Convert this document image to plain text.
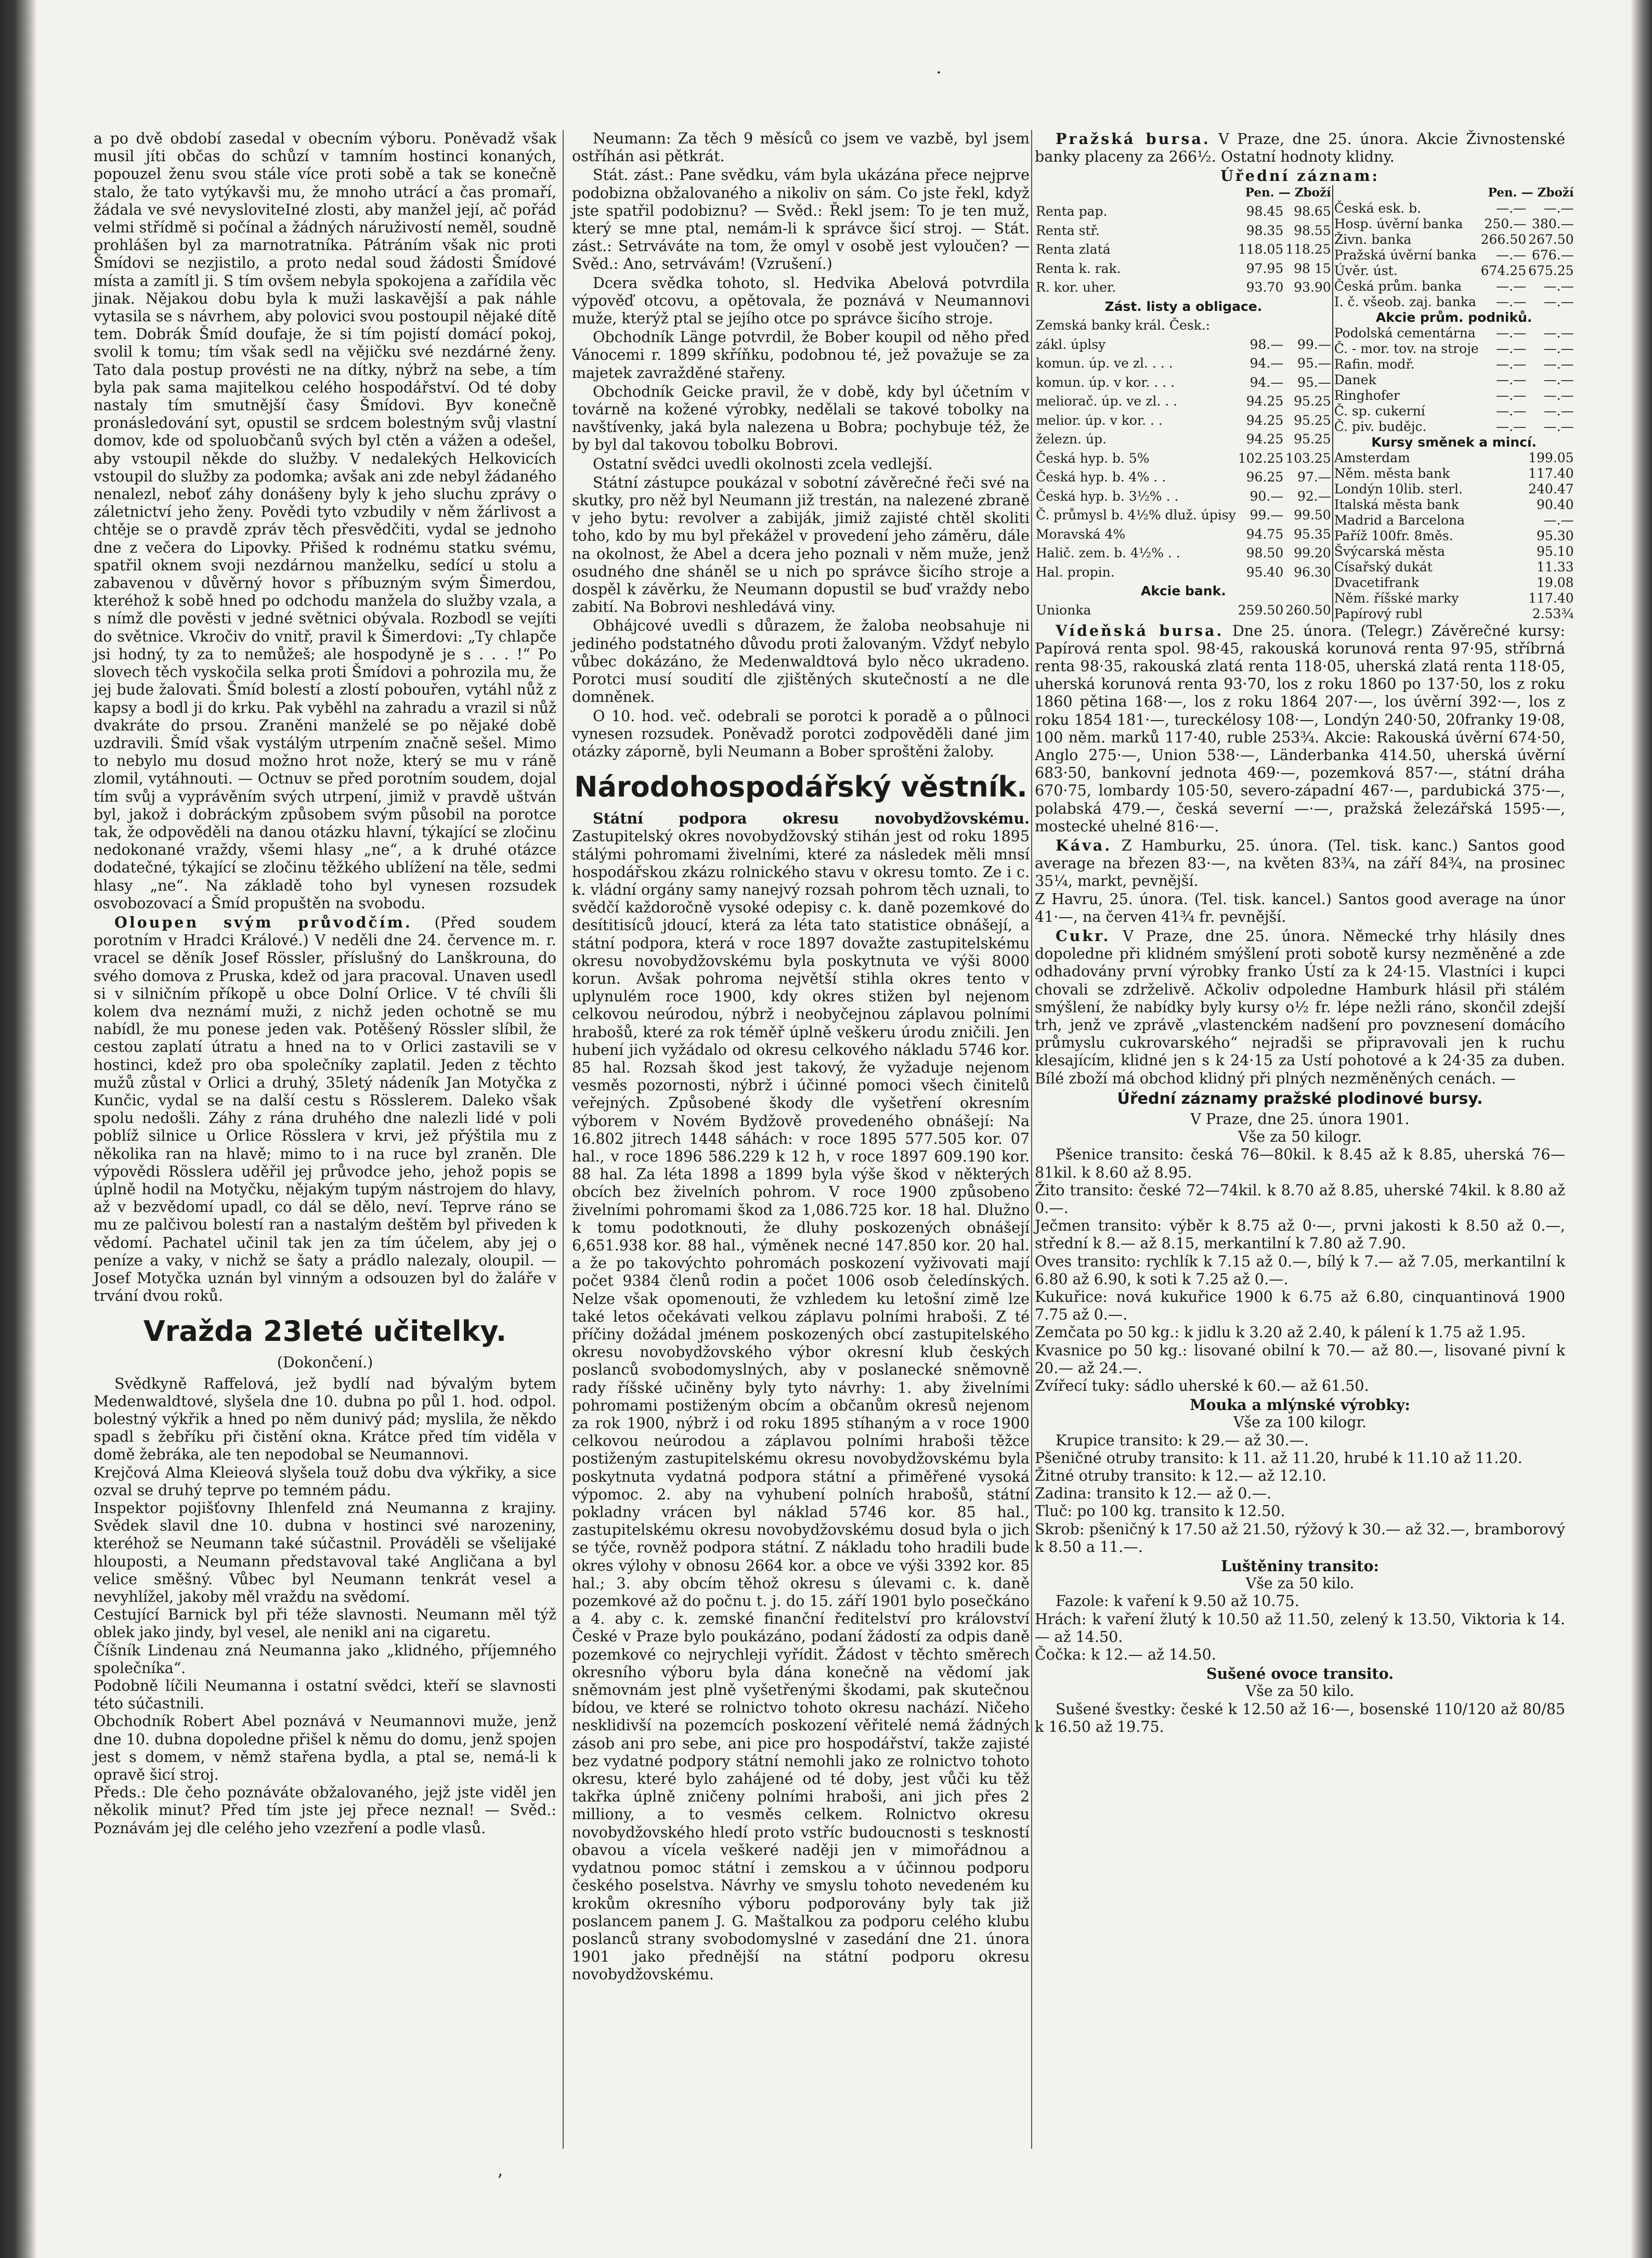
·
ʼ

a po dvě období zasedal v obecním výboru. Poněvadž však musil jíti občas do schůzí v tamním hostinci konaných, popouzel ženu svou stále více proti sobě a tak se konečně stalo, že tato vytýkavši mu, že mnoho utrácí a čas promaří, žádala ve své nevysloviteIné zlosti, aby manžel její, ač pořád velmi střídmě si počínal a žádných náruživostí neměl, soudně prohlášen byl za marnotratníka. Pátráním však nic proti Šmídovi se nezjistilo, a proto nedal soud žádosti Šmídové místa a zamítl ji. S tím ovšem nebyla spokojena a zařídila věc jinak. Nějakou dobu byla k muži laskavější a pak náhle vytasila se s návrhem, aby polovici svou postoupil nějaké dítě tem. Dobrák Šmíd doufaje, že si tím pojistí domácí pokoj, svolil k tomu; tím však sedl na vějičku své nezdárné ženy. Tato dala postup provésti ne na dítky, nýbrž na sebe, a tím byla pak sama majitelkou celého hospodářství. Od té doby nastaly tím smutnější časy Šmídovi. Byv konečně pronásledování syt, opustil se srdcem bolestným svůj vlastní domov, kde od spoluobčanů svých byl ctěn a vážen a odešel, aby vstoupil někde do služby. V nedalekých Helkovicích vstoupil do služby za podomka; avšak ani zde nebyl žádaného nenalezl, neboť záhy donášeny byly k jeho sluchu zprávy o záletnictví jeho ženy. Povědi tyto vzbudily v něm žárlivost a chtěje se o pravdě zpráv těch přesvědčiti, vydal se jednoho dne z večera do Lipovky. Přišed k rodnému statku svému, spatřil oknem svoji nezdárnou manželku, sedící u stolu a zabavenou v důvěrný hovor s příbuzným svým Šimerdou, kteréhož k sobě hned po odchodu manžela do služby vzala, a s nímž dle pověsti v jedné světnici obývala. Rozbodl se vejíti do světnice. Vkročiv do vnitř, pravil k Šimerdovi: „Ty chlapče jsi hodný, ty za to nemůžeš; ale hospodyně je s . . . !“ Po slovech těch vyskočila selka proti Šmídovi a pohrozila mu, že jej bude žalovati. Šmíd bolestí a zlostí pobouřen, vytáhl nůž z kapsy a bodl ji do krku. Pak vyběhl na zahradu a vrazil si nůž dvakráte do prsou. Zraněni manželé se po nějaké době uzdravili. Šmíd však vystálým utrpením značně sešel. Mimo to nebylo mu dosud možno hrot nože, který se mu v ráně zlomil, vytáhnouti. — Octnuv se před porotním soudem, dojal tím svůj a vyprávěním svých utrpení, jimiž v pravdě uštván byl, jakož i dobráckým způsobem svým působil na porotce tak, že odpověděli na danou otázku hlavní, týkající se zločinu nedokonané vraždy, všemi hlasy „ne“, a k druhé otázce dodatečné, týkající se zločinu těžkého ublížení na těle, sedmi hlasy „ne“. Na základě toho byl vynesen rozsudek osvobozovací a Šmíd propuštěn na svobodu.

Oloupen svým průvodčím. (Před soudem porotním v Hradci Králové.) V neděli dne 24. července m. r. vracel se děník Josef Rössler, příslušný do Lanškrouna, do svého domova z Pruska, kdež od jara pracoval. Unaven usedl si v silničním příkopě u obce Dolní Orlice. V té chvíli šli kolem dva neznámí muži, z nichž jeden ochotně se mu nabídl, že mu ponese jeden vak. Potěšený Rössler slíbil, že cestou zaplatí útratu a hned na to v Orlici zastavili se v hostinci, kdež pro oba společníky zaplatil. Jeden z těchto mužů zůstal v Orlici a druhý, 35letý nádeník Jan Motyčka z Kunčic, vydal se na další cestu s Rösslerem. Daleko však spolu nedošli. Záhy z rána druhého dne nalezli lidé v poli poblíž silnice u Orlice Rösslera v krvi, jež přýštila mu z několika ran na hlavě; mimo to i na ruce byl zraněn. Dle výpovědi Rösslera uděřil jej průvodce jeho, jehož popis se úplně hodil na Motyčku, nějakým tupým nástrojem do hlavy, až v bezvědomí upadl, co dál se dělo, neví. Teprve ráno se mu ze palčivou bolestí ran a nastalým deštěm byl přiveden k vědomí. Pachatel učinil tak jen za tím účelem, aby jej o peníze a vaky, v nichž se šaty a prádlo nalezaly, oloupil. — Josef Motyčka uznán byl vinným a odsouzen byl do žaláře v trvání dvou roků.

Vražda 23leté učitelky.
(Dokončení.)

Svědkyně Raffelová, jež bydlí nad bývalým bytem Medenwaldtové, slyšela dne 10. dubna po půl 1. hod. odpol. bolestný výkřik a hned po něm dunivý pád; myslila, že někdo spadl s žebříku při čistění okna. Krátce před tím viděla v domě žebráka, ale ten nepodobal se Neumannovi.
Krejčová Alma Kleieová slyšela touž dobu dva výkřiky, a sice ozval se druhý teprve po temném pádu.
Inspektor pojišťovny Ihlenfeld zná Neumanna z krajiny. Svědek slavil dne 10. dubna v hostinci své narozeniny, kteréhož se Neumann také súčastnil. Prováděli se všelijaké hlouposti, a Neumann představoval také Angličana a byl velice směšný. Vůbec byl Neumann tenkrát vesel a nevyhlížel, jakoby měl vraždu na svědomí.
Cestující Barnick byl při téže slavnosti. Neumann měl týž oblek jako jindy, byl vesel, ale nenikl ani na cigaretu.
Číšník Lindenau zná Neumanna jako „klidného, příjemného společníka“.
Podobně líčili Neumanna i ostatní svědci, kteří se slavnosti této súčastnili.
Obchodník Robert Abel poznává v Neumannovi muže, jenž dne 10. dubna dopoledne přišel k němu do domu, jenž spojen jest s domem, v němž stařena bydla, a ptal se, nemá-li k opravě šicí stroj.
Předs.: Dle čeho poznáváte obžalovaného, jejž jste viděl jen několik minut? Před tím jste jej přece neznal! — Svěd.: Poznávám jej dle celého jeho vzezření a podle vlasů.

Neumann: Za těch 9 měsíců co jsem ve vazbě, byl jsem ostříhán asi pětkrát.

Stát. zást.: Pane svědku, vám byla ukázána přece nejprve podobizna obžalovaného a nikoliv on sám. Co jste řekl, když jste spatřil podobiznu? — Svěd.: Řekl jsem: To je ten muž, který se mne ptal, nemám-li k správce šicí stroj. — Stát. zást.: Setrváváte na tom, že omyl v osobě jest vyloučen? — Svěd.: Ano, setrvávám! (Vzrušení.)

Dcera svědka tohoto, sl. Hedvika Abelová potvrdila výpověď otcovu, a opětovala, že poznává v Neumannovi muže, kterýž ptal se jejího otce po správce šicího stroje.

Obchodník Länge potvrdil, že Bober koupil od něho před Vánocemi r. 1899 skříňku, podobnou té, jež považuje se za majetek zavražděné stařeny.

Obchodník Geicke pravil, že v době, kdy byl účetním v továrně na kožené výrobky, nedělali se takové tobolky na navštívenky, jaká byla nalezena u Bobra; pochybuje též, že by byl dal takovou tobolku Bobrovi.

Ostatní svědci uvedli okolnosti zcela vedlejší.

Státní zástupce poukázal v sobotní závěrečné řeči své na skutky, pro něž byl Neumann již trestán, na nalezené zbraně v jeho bytu: revolver a zabiják, jimiž zajisté chtěl skoliti toho, kdo by mu byl překážel v provedení jeho záměru, dále na okolnost, že Abel a dcera jeho poznali v něm muže, jenž osudného dne sháněl se u nich po správce šicího stroje a dospěl k závěrku, že Neumann dopustil se buď vraždy nebo zabití. Na Bobrovi neshledává viny.

Obhájcové uvedli s důrazem, že žaloba neobsahuje ni jediného podstatného důvodu proti žalovaným. Vždyť nebylo vůbec dokázáno, že Medenwaldtová bylo něco ukradeno. Porotci musí soudití dle zjištěných skutečností a ne dle domněnek.

O 10. hod. več. odebrali se porotci k poradě a o půlnoci vynesen rozsudek. Poněvadž porotci zodpověděli dané jim otázky záporně, byli Neumann a Bober sproštěni žaloby.

Národohospodářský věstník.

Státní podpora okresu novobydžovskému. Zastupitelský okres novobydžovský stihán jest od roku 1895 stálými pohromami živelními, které za následek měli mnsí hospodářskou zkázu rolnického stavu v okresu tomto. Ze i c. k. vládní orgány samy nanejvý rozsah pohrom těch uznali, to svědčí každoročně vysoké odepisy c. k. daně pozemkové do desítitisíců jdoucí, která za léta tato statistice obnášejí, a státní podpora, která v roce 1897 dovažte zastupitelskému okresu novobydžovskému byla poskytnuta ve výši 8000 korun. Avšak pohroma největší stihla okres tento v uplynulém roce 1900, kdy okres stižen byl nejenom celkovou neúrodou, nýbrž i neobyčejnou záplavou polními hrabošů, které za rok téměř úplně veškeru úrodu zničili. Jen hubení jich vyžádalo od okresu celkového nákladu 5746 kor. 85 hal. Rozsah škod jest takový, že vyžaduje nejenom vesměs pozornosti, nýbrž i účinné pomoci všech činitelů veřejných. Způsobené škody dle vyšetření okresním výborem v Novém Bydžově provedeného obnášejí: Na 16.802 jitrech 1448 sáhách: v roce 1895 577.505 kor. 07 hal., v roce 1896 586.229 k 12 h, v roce 1897 609.190 kor. 88 hal. Za léta 1898 a 1899 byla výše škod v některých obcích bez živelních pohrom. V roce 1900 způsobeno živelními pohromami škod za 1,086.725 kor. 18 hal. Dlužno k tomu podotknouti, že dluhy poskozených obnášejí 6,651.938 kor. 88 hal., výměnek necné 147.850 kor. 20 hal. a že po takovýchto pohromách poskození vyživovati mají počet 9384 členů rodin a počet 1006 osob čeledínských. Nelze však opomenouti, že vzhledem ku letošní zimě lze také letos očekávati velkou záplavu polními hraboši. Z té příčiny dožádal jménem poskozených obcí zastupitelského okresu novobydžovského výbor okresní klub českých poslanců svobodomyslných, aby v poslanecké sněmovně rady říšské učiněny byly tyto návrhy: 1. aby živelními pohromami postiženým obcím a občanům okresů nejenom za rok 1900, nýbrž i od roku 1895 stíhaným a v roce 1900 celkovou neúrodou a záplavou polními hraboši těžce postiženým zastupitelskému okresu novobydžovskému byla poskytnuta vydatná podpora státní a přiměřené vysoká výpomoc. 2. aby na vyhubení polních hrabošů, státní pokladny vrácen byl náklad 5746 kor. 85 hal., zastupitelskému okresu novobydžovskému dosud byla o jich se týče, rovněž podpora státní. Z nákladu toho hradili bude okres výlohy v obnosu 2664 kor. a obce ve výši 3392 kor. 85 hal.; 3. aby obcím těhož okresu s úlevami c. k. daně pozemkové až do počnu t. j. do 15. září 1901 bylo posečkáno a 4. aby c. k. zemské finanční ředitelství pro království České v Praze bylo poukázáno, podaní žádostí za odpis daně pozemkové co nejrychleji vyřídit. Žádost v těchto směrech okresního výboru byla dána konečně na vědomí jak sněmovnám jest plně vyšetřenými škodami, pak skutečnou bídou, ve které se rolnictvo tohoto okresu nachází. Ničeho nesklidivší na pozemcích poskození věřitelé nemá žádných zásob ani pro sebe, ani pice pro hospodářství, takže zajisté bez vydatné podpory státní nemohli jako ze rolnictvo tohoto okresu, které bylo zahájené od té doby, jest vůči ku těž takřka úplně zničeny polními hraboši, ani jich přes 2 milliony, a to vesměs celkem. Rolnictvo okresu novobydžovského hledí proto vstříc budoucnosti s teskností obavou a vícela veškeré naději jen v mimořádnou a vydatnou pomoc státní i zemskou a v účinnou podporu českého poselstva. Návrhy ve smyslu tohoto nevedeném ku krokům okresního výboru podporovány byly tak již poslancem panem J. G. Maštalkou za podporu celého klubu poslanců strany svobodomyslné v zasedání dne 21. února 1901 jako přednější na státní podporu okresu novobydžovskému.

Pražská bursa. V Praze, dne 25. února. Akcie Živnostenské banky placeny za 266½. Ostatní hodnoty klidny.

Úřední záznam:
	Pen. — Zboží	
Renta pap.	98.45	98.65
Renta stř.	98.35	98.55
Renta zlatá	118.05	118.25
Renta k. rak.	97.95	98 15
R. kor. uher.	93.70	93.90
Zást. listy a obligace.		
Zemská banky král. Česk.:		
zákl. úplsy	98.—	99.—
komun. úp. ve zl. . . .	94.—	95.—
komun. úp. v kor. . . .	94.—	95.—
meliorač. úp. ve zl. . .	94.25	95.25
melior. úp. v kor. . .	94.25	95.25
železn. úp.	94.25	95.25
Česká hyp. b. 5%	102.25	103.25
Česká hyp. b. 4% . .	96.25	97.—
Česká hyp. b. 3½% . .	90.—	92.—
Č. průmysl b. 4½% dluž. úpisy	99.—	99.50
Moravská 4%	94.75	95.35
Halič. zem. b. 4½% . .	98.50	99.20
Hal. propin.	95.40	96.30
Akcie bank.		
Unionka	259.50	260.50
	Pen. — Zboží	
Česká esk. b.	—.—	—.—
Hosp. úvěrní banka	250.—	380.—
Živn. banka	266.50	267.50
Pražská úvěrní banka	—.—	676.—
Úvěr. úst.	674.25	675.25
Česká prům. banka	—.—	—.—
I. č. všeob. zaj. banka	—.—	—.—
Akcie prům. podniků.		
Podolská cementárna	—.—	—.—
Č. - mor. tov. na stroje	—.—	—.—
Rafin. modř.	—.—	—.—
Danek	—.—	—.—
Ringhofer	—.—	—.—
Č. sp. cukerní	—.—	—.—
Č. piv. budějc.	—.—	—.—
Kursy směnek a mincí.		
Amsterdam		199.05
Něm. města bank		117.40
Londýn 10lib. sterl.		240.47
Italská města bank		90.40
Madrid a Barcelona		—.—
Paříž 100fr. 8měs.		95.30
Švýcarská města		95.10
Císařský dukát		11.33
Dvacetifrank		19.08
Něm. říšské marky		117.40
Papírový rubl		2.53¾

Vídeňská bursa. Dne 25. února. (Telegr.) Závěrečné kursy: Papírová renta spol. 98·45, rakouská korunová renta 97·95, stříbrná renta 98·35, rakouská zlatá renta 118·05, uherská zlatá renta 118·05, uherská korunová renta 93·70, los z roku 1860 po 137·50, los z roku 1860 pětina 168·—, los z roku 1864 207·—, los úvěrní 392·—, los z roku 1854 181·—, tureckélosy 108·—, Londýn 240·50, 20franky 19·08, 100 něm. marků 117·40, ruble 253¾. Akcie: Rakouská úvěrní 674·50, Anglo 275·—, Union 538·—, Länderbanka 414.50, uherská úvěrní 683·50, bankovní jednota 469·—, pozemková 857·—, státní dráha 670·75, lombardy 105·50, severo-západní 467·—, pardubická 375·—, polabská 479.—, česká severní —·—, pražská železářská 1595·—, mostecké uhelné 816·—.

Káva. Z Hamburku, 25. února. (Tel. tisk. kanc.) Santos good average na březen 83·—, na květen 83¾, na září 84¾, na prosinec 35¼, markt, pevnější.
Z Havru, 25. února. (Tel. tisk. kancel.) Santos good average na únor 41·—, na červen 41¾ fr. pevnější.

Cukr. V Praze, dne 25. února. Německé trhy hlásily dnes dopoledne při klidném smýšlení proti sobotě kursy nezměněné a zde odhadovány první výrobky franko Ústí za k 24·15. Vlastníci i kupci chovali se zdrželivě. Ačkoliv odpoledne Hamburk hlásil při stálém smýšlení, že nabídky byly kursy o½ fr. lépe nežli ráno, skončil zdejší trh, jenž ve zprávě „vlastenckém nadšení pro povznesení domácího průmyslu cukrovarského“ nejradši se připravovali jen k ruchu klesajícím, klidné jen s k 24·15 za Ustí pohotové a k 24·35 za duben. Bílé zboží má obchod klidný při plných nezměněných cenách. —

Úřední záznamy pražské plodinové bursy.
V Praze, dne 25. února 1901.
Vše za 50 kilogr.

Pšenice transito: česká 76—80kil. k 8.45 až k 8.85, uherská 76—81kil. k 8.60 až 8.95.
Žito transito: české 72—74kil. k 8.70 až 8.85, uherské 74kil. k 8.80 až 0.—.
Ječmen transito: výběr k 8.75 až 0·—, prvni jakosti k 8.50 až 0.—, střední k 8.— až 8.15, merkantilní k 7.80 až 7.90.
Oves transito: rychlík k 7.15 až 0.—, bílý k 7.— až 7.05, merkantilní k 6.80 až 6.90, k soti k 7.25 až 0.—.
Kukuřice: nová kukuřice 1900 k 6.75 až 6.80, cinquantinová 1900 7.75 až 0.—.
Zemčata po 50 kg.: k jidlu k 3.20 až 2.40, k pálení k 1.75 až 1.95.
Kvasnice po 50 kg.: lisované obilní k 70.— až 80.—, lisované pivní k 20.— až 24.—.
Zvířecí tuky: sádlo uherské k 60.— až 61.50.

Mouka a mlýnské výrobky:
Vše za 100 kilogr.

Krupice transito: k 29.— až 30.—.
Pšeničné otruby transito: k 11. až 11.20, hrubé k 11.10 až 11.20.
Žitné otruby transito: k 12.— až 12.10.
Zadina: transito k 12.— až 0.—.
Tluč: po 100 kg. transito k 12.50.
Skrob: pšeničný k 17.50 až 21.50, rýžový k 30.— až 32.—, bramborový k 8.50 a 11.—.

Luštěniny transito:
Vše za 50 kilo.

Fazole: k vaření k 9.50 až 10.75.
Hrách: k vaření žlutý k 10.50 až 11.50, zelený k 13.50, Viktoria k 14.— až 14.50.
Čočka: k 12.— až 14.50.

Sušené ovoce transito.
Vše za 50 kilo.

Sušené švestky: české k 12.50 až 16·—, bosenské 110/120 až 80/85 k 16.50 až 19.75.
